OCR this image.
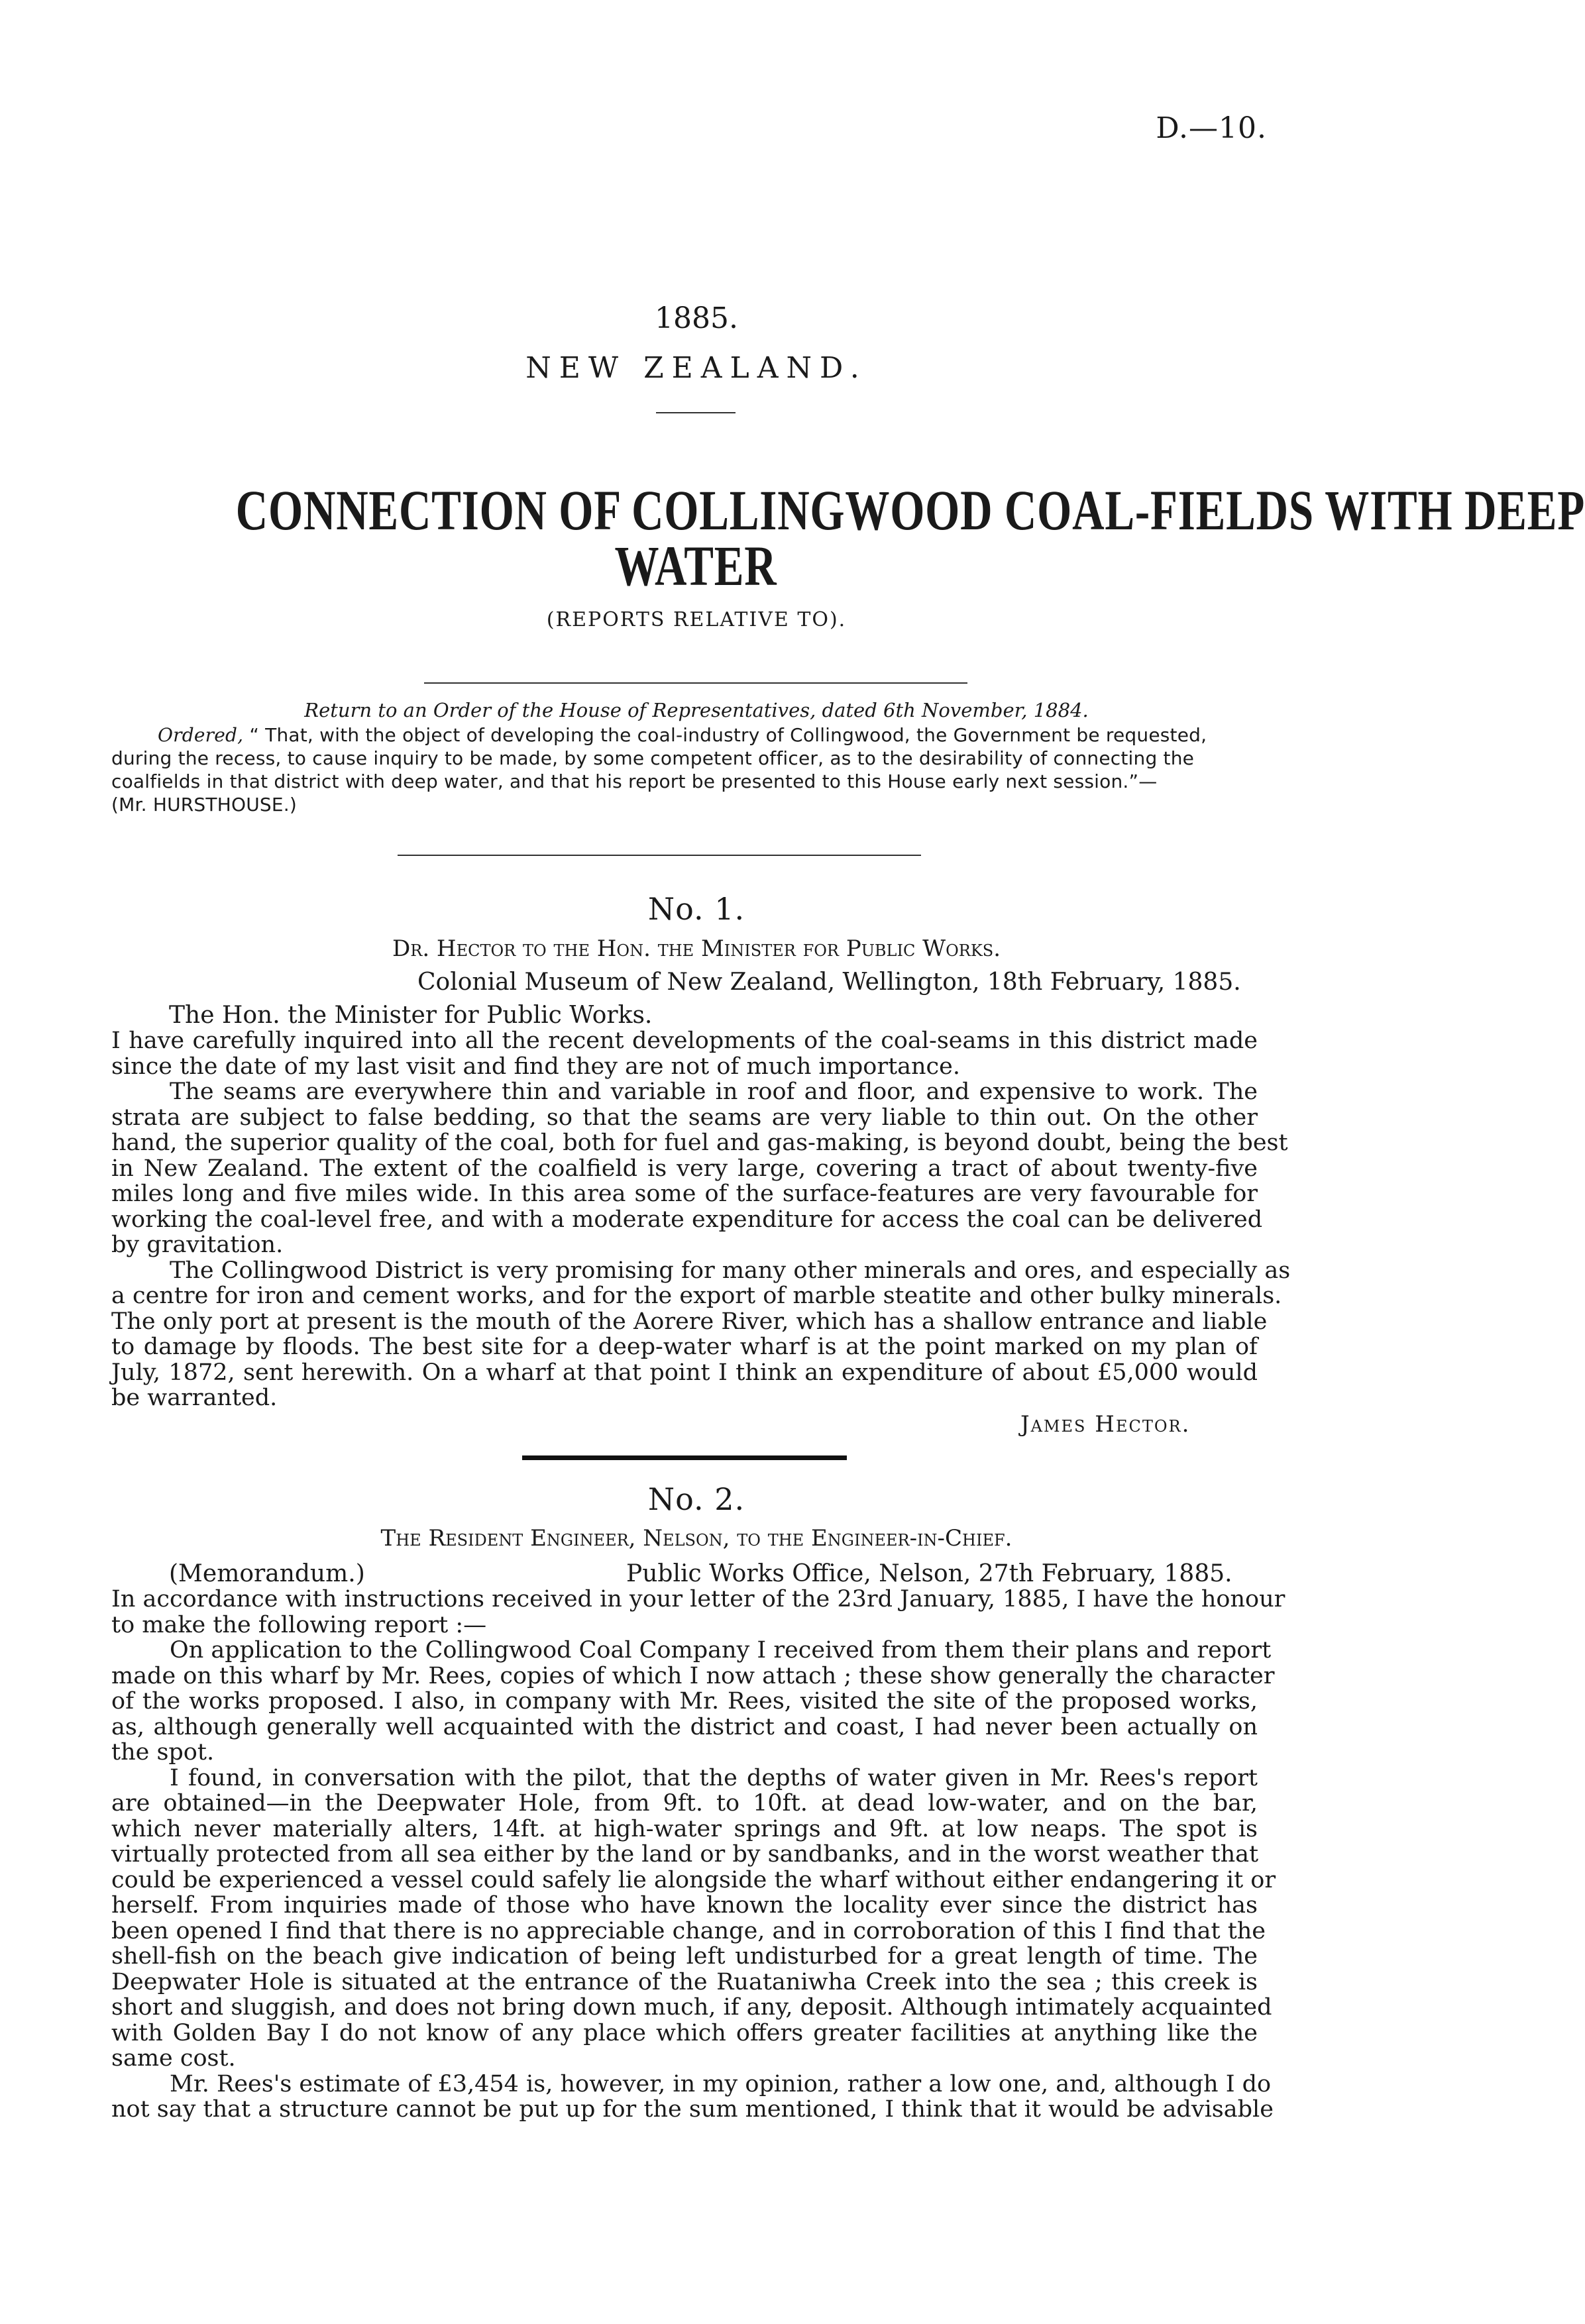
D.—10.
1885.
NEW ZEALAND.
CONNECTION OF COLLINGWOOD COAL-FIELDS WITH DEEP
WATER
(REPORTS RELATIVE TO).
Return to an Order of the House of Representatives, dated 6th November, 1884.
Ordered, “ That, with the object of developing the coal-industry of Collingwood, the Government be requested,
during the recess, to cause inquiry to be made, by some competent officer, as to the desirability of connecting the
coalfields in that district with deep water, and that his report be presented to this House early next session.”—
(Mr. HURSTHOUSE.)
No. 1.
Dr. Hector to the Hon. the Minister for Public Works.
Colonial Museum of New Zealand, Wellington, 18th February, 1885.
The Hon. the Minister for Public Works.
I have carefully inquired into all the recent developments of the coal-seams in this district made
since the date of my last visit and find they are not of much importance.
The seams are everywhere thin and variable in roof and floor, and expensive to work. The
strata are subject to false bedding, so that the seams are very liable to thin out. On the other
hand, the superior quality of the coal, both for fuel and gas-making, is beyond doubt, being the best
in New Zealand. The extent of the coalfield is very large, covering a tract of about twenty-five
miles long and five miles wide. In this area some of the surface-features are very favourable for
working the coal-level free, and with a moderate expenditure for access the coal can be delivered
by gravitation.
The Collingwood District is very promising for many other minerals and ores, and especially as
a centre for iron and cement works, and for the export of marble steatite and other bulky minerals.
The only port at present is the mouth of the Aorere River, which has a shallow entrance and liable
to damage by floods. The best site for a deep-water wharf is at the point marked on my plan of
July, 1872, sent herewith. On a wharf at that point I think an expenditure of about £5,000 would
be warranted.
James Hector.
No. 2.
The Resident Engineer, Nelson, to the Engineer-in-Chief.
(Memorandum.)	Public Works Office, Nelson, 27th February, 1885.
In accordance with instructions received in your letter of the 23rd January, 1885, I have the honour
to make the following report :—
On application to the Collingwood Coal Company I received from them their plans and report
made on this wharf by Mr. Rees, copies of which I now attach ; these show generally the character
of the works proposed. I also, in company with Mr. Rees, visited the site of the proposed works,
as, although generally well acquainted with the district and coast, I had never been actually on
the spot.
I found, in conversation with the pilot, that the depths of water given in Mr. Rees's report
are obtained—in the Deepwater Hole, from 9ft. to 10ft. at dead low-water, and on the bar,
which never materially alters, 14ft. at high-water springs and 9ft. at low neaps. The spot is
virtually protected from all sea either by the land or by sandbanks, and in the worst weather that
could be experienced a vessel could safely lie alongside the wharf without either endangering it or
herself. From inquiries made of those who have known the locality ever since the district has
been opened I find that there is no appreciable change, and in corroboration of this I find that the
shell-fish on the beach give indication of being left undisturbed for a great length of time. The
Deepwater Hole is situated at the entrance of the Ruataniwha Creek into the sea ; this creek is
short and sluggish, and does not bring down much, if any, deposit. Although intimately acquainted
with Golden Bay I do not know of any place which offers greater facilities at anything like the
same cost.
Mr. Rees's estimate of £3,454 is, however, in my opinion, rather a low one, and, although I do
not say that a structure cannot be put up for the sum mentioned, I think that it would be advisable
